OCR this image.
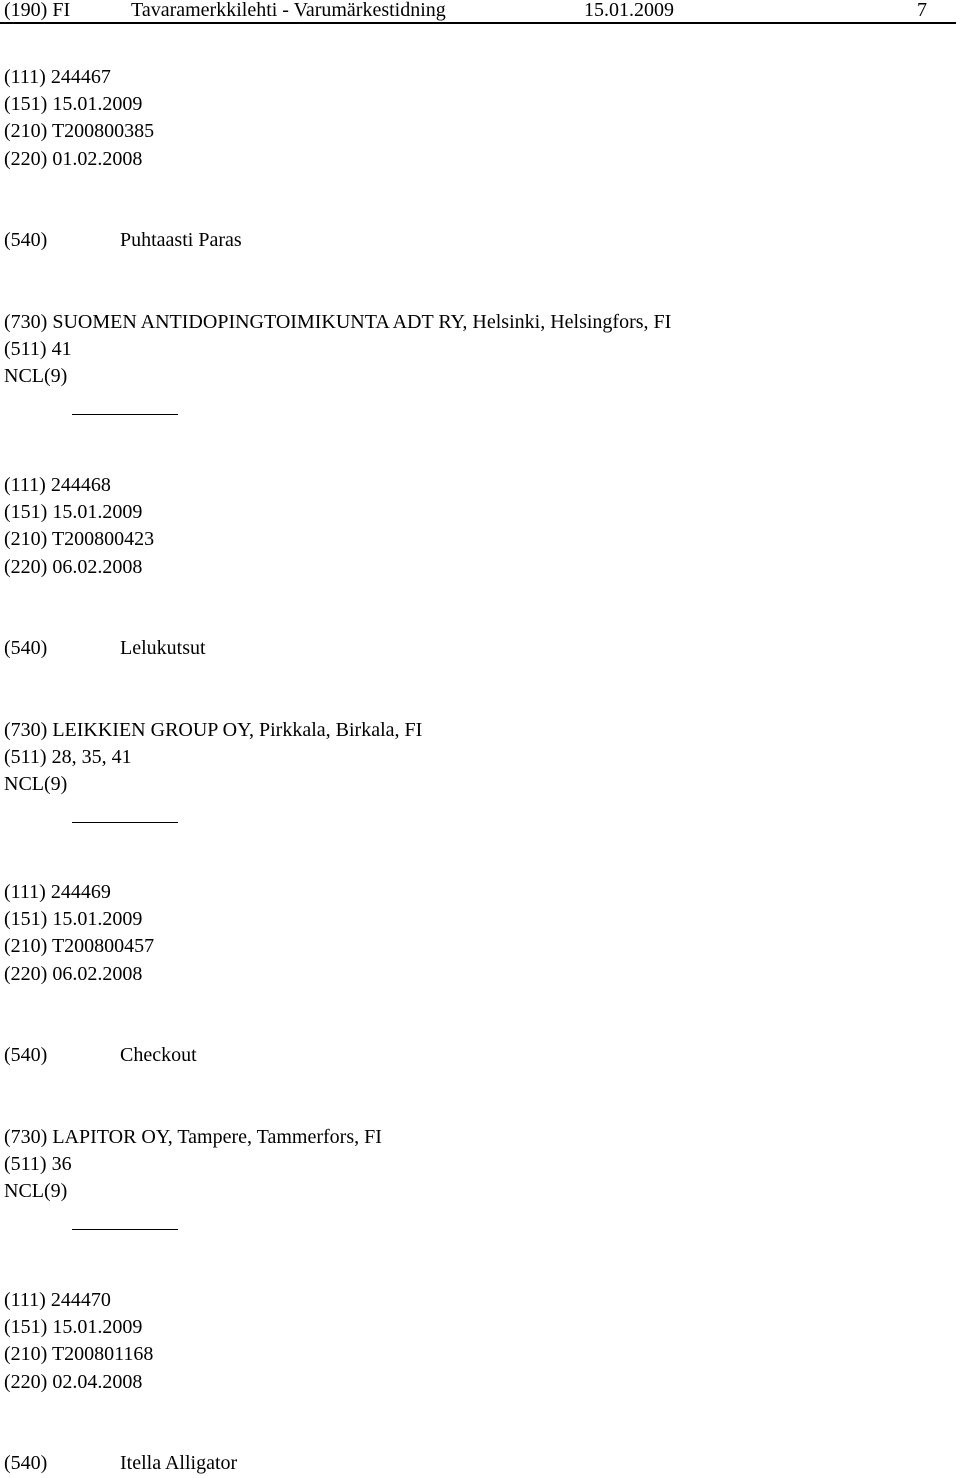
(190) FI	Tavaramerkkilehti - Varumärkestidning	15.01.2009	7
(111) 244467
(151) 15.01.2009
(210) T200800385
(220) 01.02.2008
(540)	Puhtaasti Paras
(730) SUOMEN ANTIDOPINGTOIMIKUNTA ADT RY, Helsinki, Helsingfors, FI
(511) 41
NCL(9)
(111) 244468
(151) 15.01.2009
(210) T200800423
(220) 06.02.2008
(540)	Lelukutsut
(730) LEIKKIEN GROUP OY, Pirkkala, Birkala, FI
(511) 28, 35, 41
NCL(9)
(111) 244469
(151) 15.01.2009
(210) T200800457
(220) 06.02.2008
(540)	Checkout
(730) LAPITOR OY, Tampere, Tammerfors, FI
(511) 36
NCL(9)
(111) 244470
(151) 15.01.2009
(210) T200801168
(220) 02.04.2008
(540)	Itella Alligator
